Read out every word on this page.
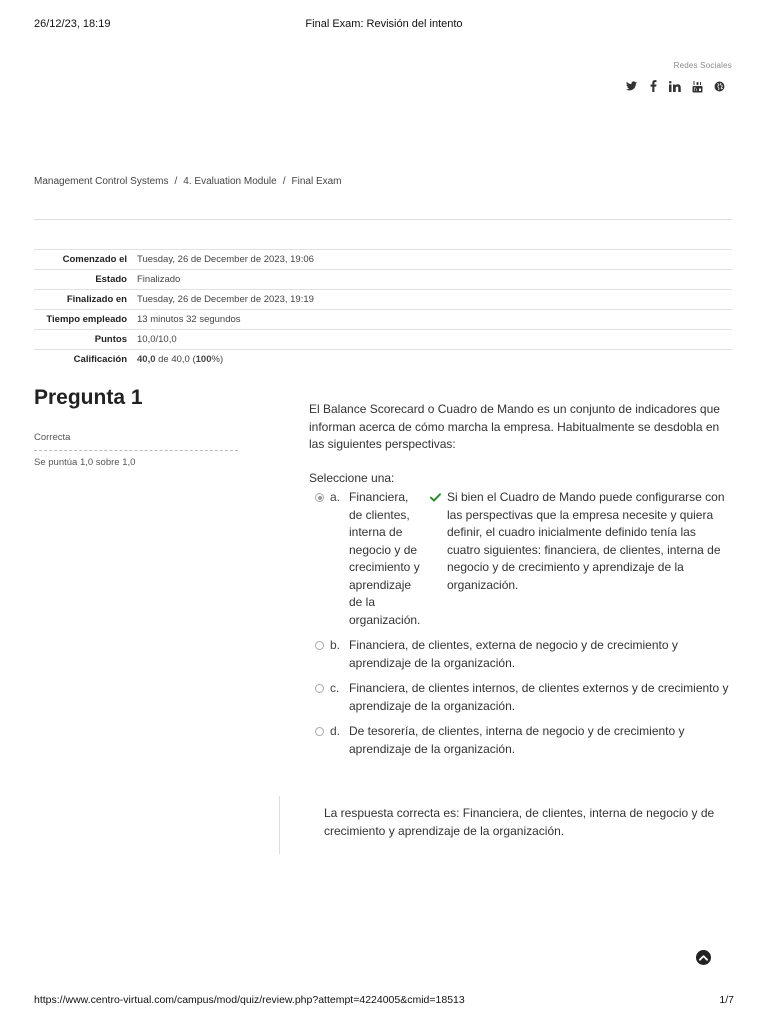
26/12/23, 18:19	Final Exam: Revisión del intento
Redes Sociales
Management Control Systems / 4. Evaluation Module / Final Exam
Comenzado el	Tuesday, 26 de December de 2023, 19:06
Estado	Finalizado
Finalizado en	Tuesday, 26 de December de 2023, 19:19
Tiempo empleado	13 minutos 32 segundos
Puntos	10,0/10,0
Calificación	40,0 de 40,0 (100%)
Pregunta 1
Correcta
Se puntúa 1,0 sobre 1,0
El Balance Scorecard o Cuadro de Mando es un conjunto de indicadores que informan acerca de cómo marcha la empresa. Habitualmente se desdobla en las siguientes perspectivas:
Seleccione una:
a. Financiera, de clientes, interna de negocio y de crecimiento y aprendizaje de la organización.
Si bien el Cuadro de Mando puede configurarse con las perspectivas que la empresa necesite y quiera definir, el cuadro inicialmente definido tenía las cuatro siguientes: financiera, de clientes, interna de negocio y de crecimiento y aprendizaje de la organización.
b. Financiera, de clientes, externa de negocio y de crecimiento y aprendizaje de la organización.
c. Financiera, de clientes internos, de clientes externos y de crecimiento y aprendizaje de la organización.
d. De tesorería, de clientes, interna de negocio y de crecimiento y aprendizaje de la organización.
La respuesta correcta es: Financiera, de clientes, interna de negocio y de crecimiento y aprendizaje de la organización.
https://www.centro-virtual.com/campus/mod/quiz/review.php?attempt=4224005&cmid=18513	1/7
